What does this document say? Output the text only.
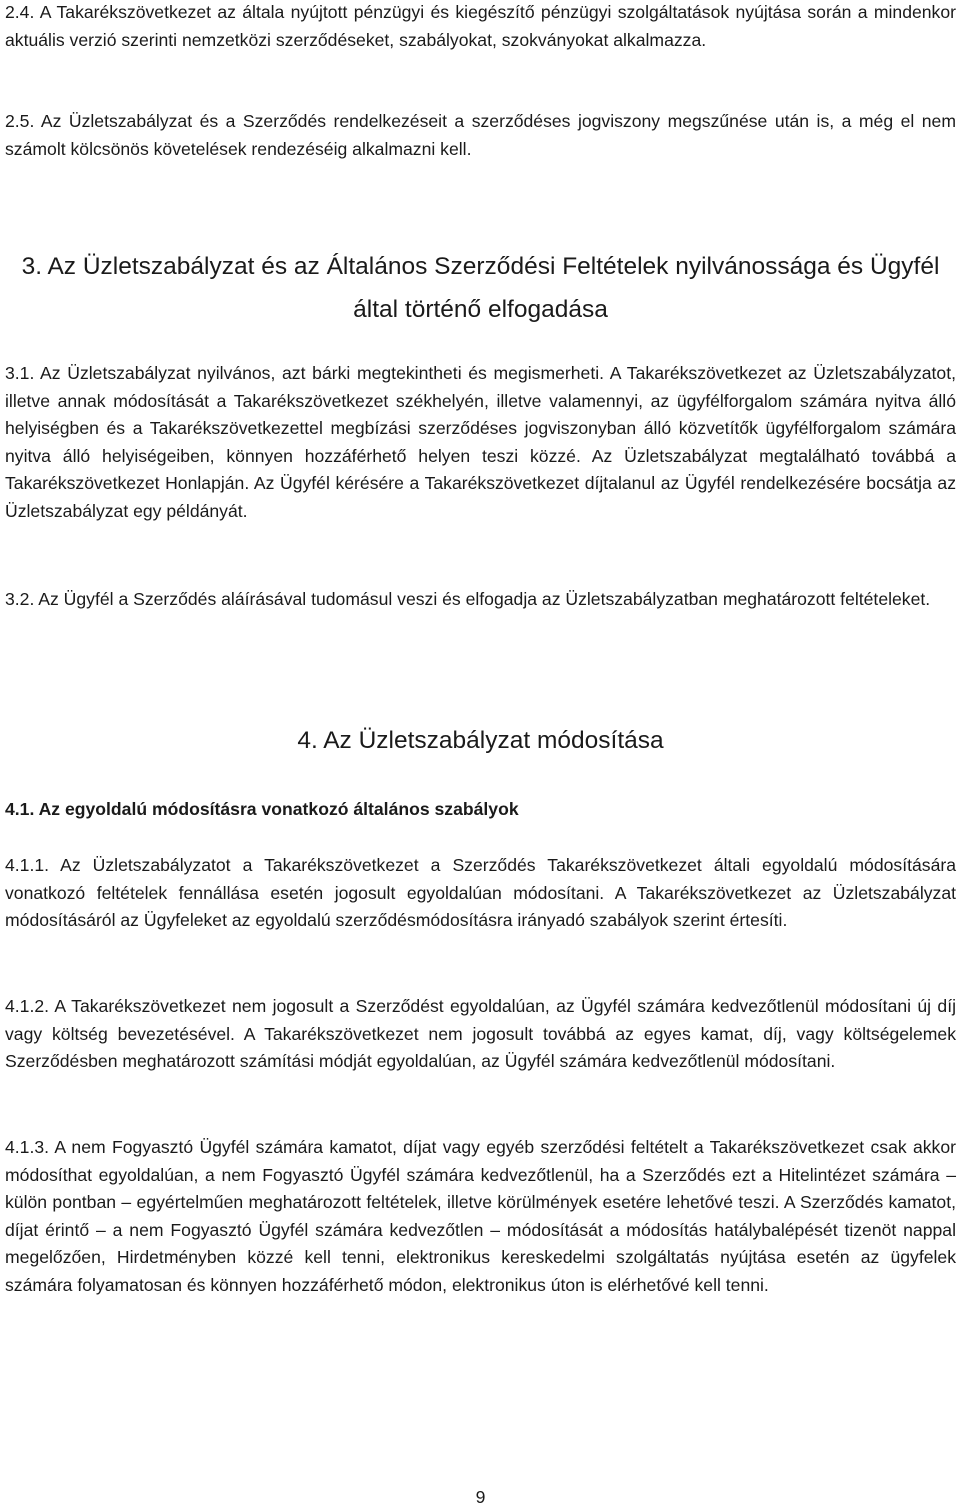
2.4. A Takarékszövetkezet az általa nyújtott pénzügyi és kiegészítő pénzügyi szolgáltatások nyújtása során a mindenkor aktuális verzió szerinti nemzetközi szerződéseket, szabályokat, szokványokat alkalmazza.

2.5. Az Üzletszabályzat és a Szerződés rendelkezéseit a szerződéses jogviszony megszűnése után is, a még el nem számolt kölcsönös követelések rendezéséig alkalmazni kell.

3. Az Üzletszabályzat és az Általános Szerződési Feltételek nyilvánossága és Ügyfél
által történő elfogadása

3.1. Az Üzletszabályzat nyilvános, azt bárki megtekintheti és megismerheti. A Takarékszövetkezet az Üzletszabályzatot, illetve annak módosítását a Takarékszövetkezet székhelyén, illetve valamennyi, az ügyfélforgalom számára nyitva álló helyiségben és a Takarékszövetkezettel megbízási szerződéses jogviszonyban álló közvetítők ügyfélforgalom számára nyitva álló helyiségeiben, könnyen hozzáférhető helyen teszi közzé. Az Üzletszabályzat megtalálható továbbá a Takarékszövetkezet Honlapján. Az Ügyfél kérésére a Takarékszövetkezet díjtalanul az Ügyfél rendelkezésére bocsátja az Üzletszabályzat egy példányát.

3.2. Az Ügyfél a Szerződés aláírásával tudomásul veszi és elfogadja az Üzletszabályzatban meghatározott feltételeket.

4. Az Üzletszabályzat módosítása
4.1. Az egyoldalú módosításra vonatkozó általános szabályok

4.1.1. Az Üzletszabályzatot a Takarékszövetkezet a Szerződés Takarékszövetkezet általi egyoldalú módosítására vonatkozó feltételek fennállása esetén jogosult egyoldalúan módosítani. A Takarékszövetkezet az Üzletszabályzat módosításáról az Ügyfeleket az egyoldalú szerződésmódosításra irányadó szabályok szerint értesíti.

4.1.2. A Takarékszövetkezet nem jogosult a Szerződést egyoldalúan, az Ügyfél számára kedvezőtlenül módosítani új díj vagy költség bevezetésével. A Takarékszövetkezet nem jogosult továbbá az egyes kamat, díj, vagy költségelemek Szerződésben meghatározott számítási módját egyoldalúan, az Ügyfél számára kedvezőtlenül módosítani.

4.1.3. A nem Fogyasztó Ügyfél számára kamatot, díjat vagy egyéb szerződési feltételt a Takarékszövetkezet csak akkor módosíthat egyoldalúan, a nem Fogyasztó Ügyfél számára kedvezőtlenül, ha a Szerződés ezt a Hitelintézet számára – külön pontban – egyértelműen meghatározott feltételek, illetve körülmények esetére lehetővé teszi. A Szerződés kamatot, díjat érintő – a nem Fogyasztó Ügyfél számára kedvezőtlen – módosítását a módosítás hatálybalépését tizenöt nappal megelőzően, Hirdetményben közzé kell tenni, elektronikus kereskedelmi szolgáltatás nyújtása esetén az ügyfelek számára folyamatosan és könnyen hozzáférhető módon, elektronikus úton is elérhetővé kell tenni.

9
